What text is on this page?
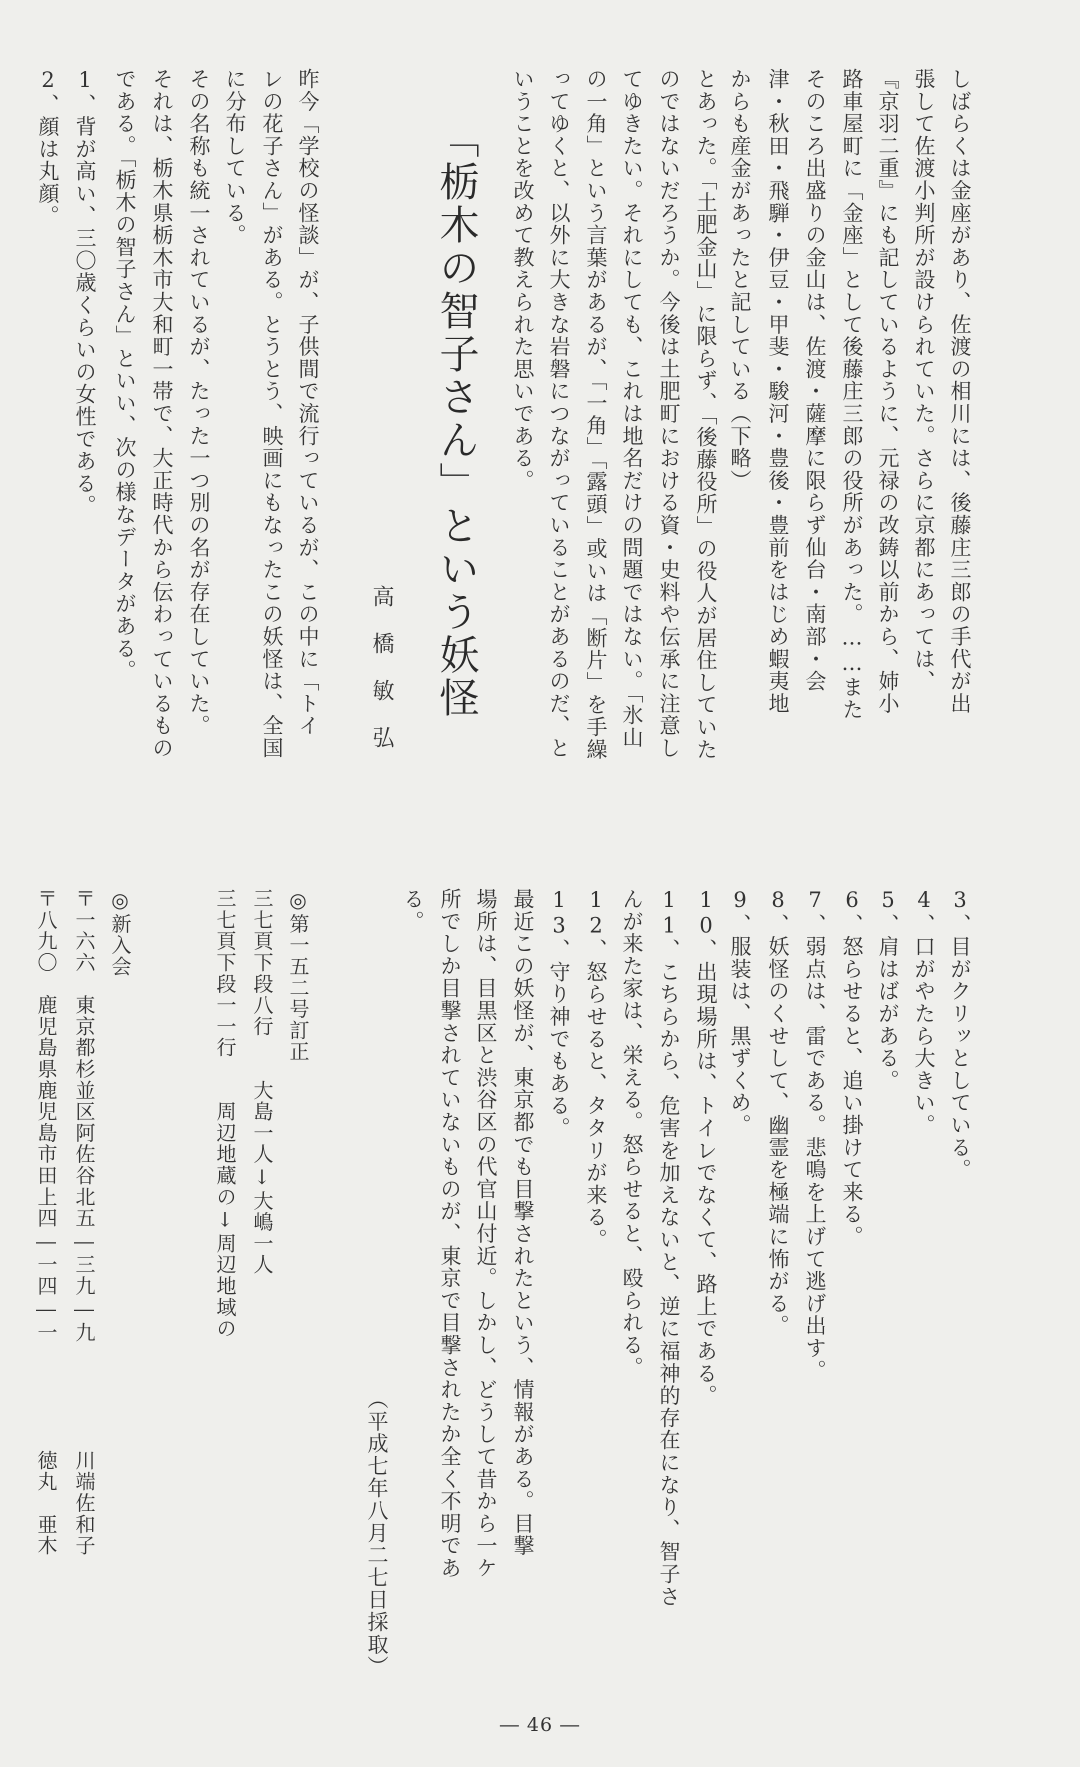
しばらくは金座があり、佐渡の相川には、後藤庄三郎の手代が出
張して佐渡小判所が設けられていた。さらに京都にあっては、
『京羽二重』にも記しているように、元禄の改鋳以前から、姉小
路車屋町に「金座」として後藤庄三郎の役所があった。……また
そのころ出盛りの金山は、佐渡・薩摩に限らず仙台・南部・会
津・秋田・飛騨・伊豆・甲斐・駿河・豊後・豊前をはじめ蝦夷地
からも産金があったと記している（下略）
とあった。「土肥金山」に限らず、「後藤役所」の役人が居住していた
のではないだろうか。今後は土肥町における資・史料や伝承に注意し
てゆきたい。それにしても、これは地名だけの問題ではない。「氷山
の一角」という言葉があるが、「一角」「露頭」或いは「断片」を手繰
ってゆくと、以外に大きな岩磐につながっていることがあるのだ、と
いうことを改めて教えられた思いである。
「栃木の智子さん」という妖怪
高橋敏弘
昨今「学校の怪談」が、子供間で流行っているが、この中に「トイ
レの花子さん」がある。とうとう、映画にもなったこの妖怪は、全国
に分布している。
その名称も統一されているが、たった一つ別の名が存在していた。
それは、栃木県栃木市大和町一帯で、大正時代から伝わっているもの
である。「栃木の智子さん」といい、次の様なデータがある。
1、背が高い、三〇歳くらいの女性である。
2、顔は丸顔。
3、目がクリッとしている。
4、口がやたら大きい。
5、肩はばがある。
6、怒らせると、追い掛けて来る。
7、弱点は、雷である。悲鳴を上げて逃げ出す。
8、妖怪のくせして、幽霊を極端に怖がる。
9、服装は、黒ずくめ。
10、出現場所は、トイレでなくて、路上である。
11、こちらから、危害を加えないと、逆に福神的存在になり、智子さ
んが来た家は、栄える。怒らせると、殴られる。
12、怒らせると、タタリが来る。
13、守り神でもある。
最近この妖怪が、東京都でも目撃されたという、情報がある。目撃
場所は、目黒区と渋谷区の代官山付近。しかし、どうして昔から一ケ
所でしか目撃されていないものが、東京で目撃されたか全く不明であ
る。
（平成七年八月二七日採取）
◎第一五二号訂正
三七頁下段八行　　大島一人↓大嶋一人
三七頁下段一一行　　周辺地蔵の↓周辺地域の
◎新入会
〒一六六　東京都杉並区阿佐谷北五―三九―九　　　　　川端佐和子
〒八九〇　鹿児島県鹿児島市田上四―一四―一　　　　　徳丸　亜木
― 46 ―
